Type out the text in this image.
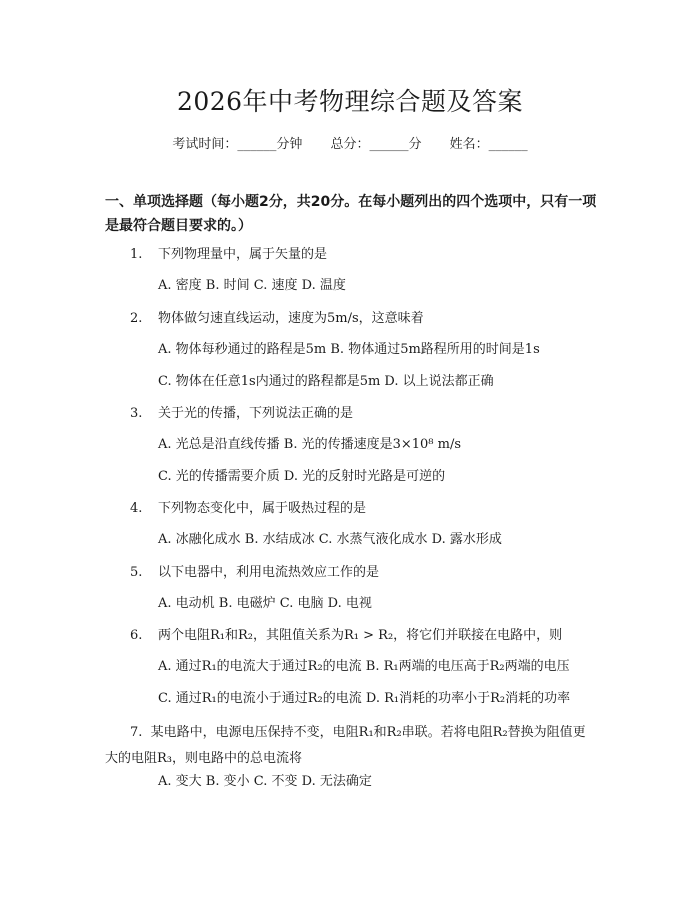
2026年中考物理综合题及答案
考试时间：______分钟 总分：______分 姓名：______
一、单项选择题（每小题2分，共20分。在每小题列出的四个选项中，只有一项是最符合题目要求的。）
1. 下列物理量中，属于矢量的是
A. 密度 B. 时间 C. 速度 D. 温度
2. 物体做匀速直线运动，速度为5m/s，这意味着
A. 物体每秒通过的路程是5m B. 物体通过5m路程所用的时间是1s
C. 物体在任意1s内通过的路程都是5m D. 以上说法都正确
3. 关于光的传播，下列说法正确的是
A. 光总是沿直线传播 B. 光的传播速度是3×10⁸ m/s
C. 光的传播需要介质 D. 光的反射时光路是可逆的
4. 下列物态变化中，属于吸热过程的是
A. 冰融化成水 B. 水结成冰 C. 水蒸气液化成水 D. 露水形成
5. 以下电器中，利用电流热效应工作的是
A. 电动机 B. 电磁炉 C. 电脑 D. 电视
6. 两个电阻R₁和R₂，其阻值关系为R₁ > R₂，将它们并联接在电路中，则
A. 通过R₁的电流大于通过R₂的电流 B. R₁两端的电压高于R₂两端的电压
C. 通过R₁的电流小于通过R₂的电流 D. R₁消耗的功率小于R₂消耗的功率
7. 某电路中，电源电压保持不变，电阻R₁和R₂串联。若将电阻R₂替换为阻值更大的电阻R₃，则电路中的总电流将
A. 变大 B. 变小 C. 不变 D. 无法确定
